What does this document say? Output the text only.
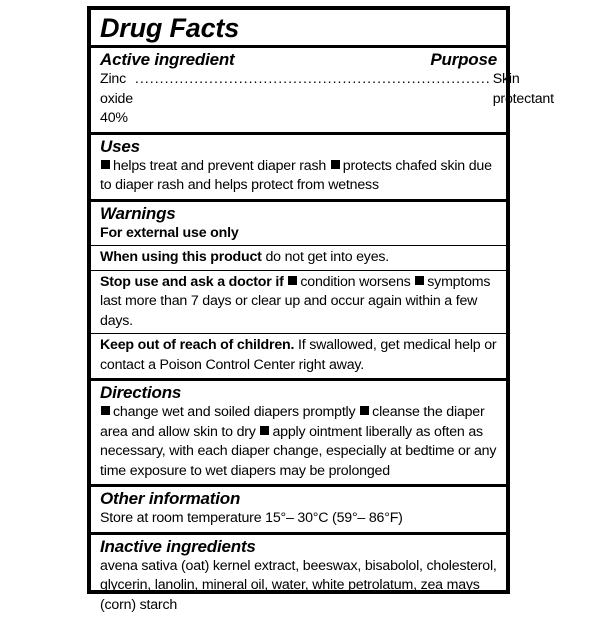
Drug Facts
Active ingredient	Purpose
Zinc oxide 40%
........................................................................ Skin protectant
Uses
helps treat and prevent diaper rash protects chafed skin due to diaper rash and helps protect from wetness
Warnings
For external use only
When using this product do not get into eyes.
Stop use and ask a doctor if condition worsens symptoms last more than 7 days or clear up and occur again within a few days.
Keep out of reach of children. If swallowed, get medical help or contact a Poison Control Center right away.
Directions
change wet and soiled diapers promptly cleanse the diaper area and allow skin to dry apply ointment liberally as often as necessary, with each diaper change, especially at bedtime or any time exposure to wet diapers may be prolonged
Other information
Store at room temperature 15°– 30°C (59°– 86°F)
Inactive ingredients
avena sativa (oat) kernel extract, beeswax, bisabolol, cholesterol, glycerin, lanolin, mineral oil, water, white petrolatum, zea mays (corn) starch
